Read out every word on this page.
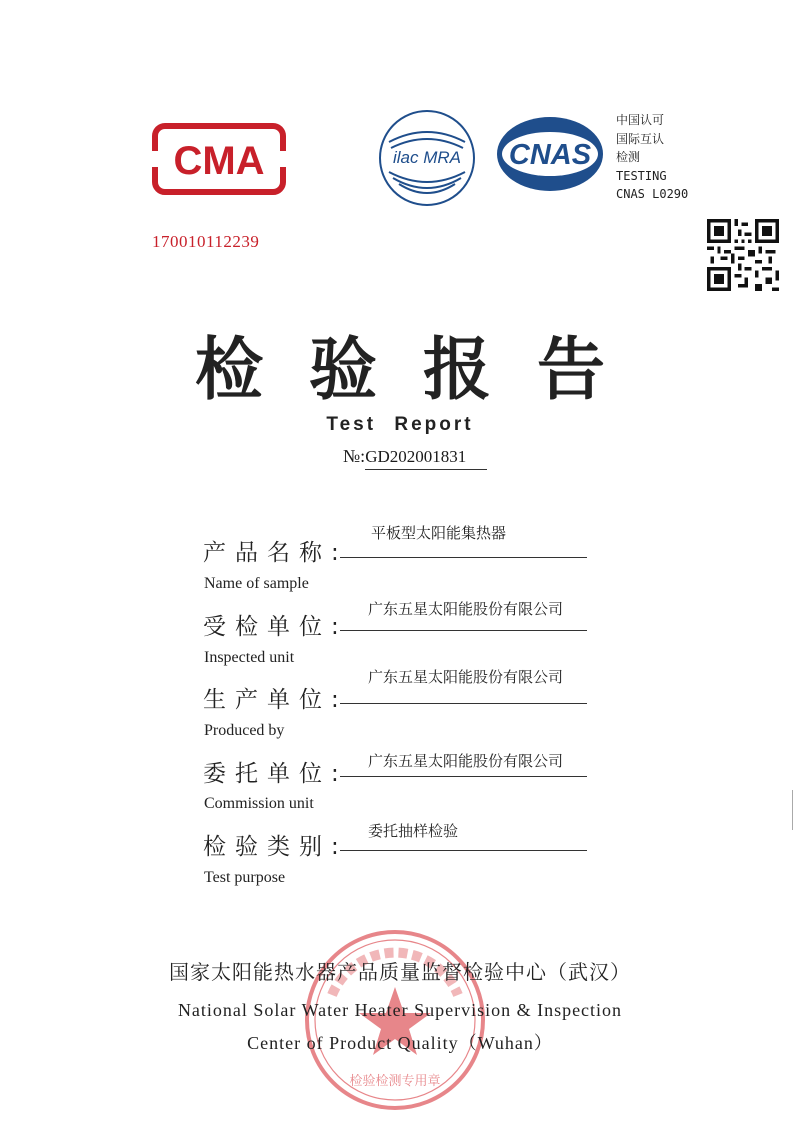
CMA
170010112239
ilac MRA CNAS
中国认可
国际互认
检测
TESTING
CNAS L0290
检验报告
Test Report
№:GD202001831
产品名称:
平板型太阳能集热器
Name of sample
受检单位:
广东五星太阳能股份有限公司
Inspected unit
生产单位:
广东五星太阳能股份有限公司
Produced by
委托单位: 广东五星太阳能股份有限公司
Commission unit
检验类别:
委托抽样检验
Test purpose
检验检测专用章
国家太阳能热水器产品质量监督检验中心（武汉）
National Solar Water Heater Supervision & Inspection
Center of Product Quality（Wuhan）
